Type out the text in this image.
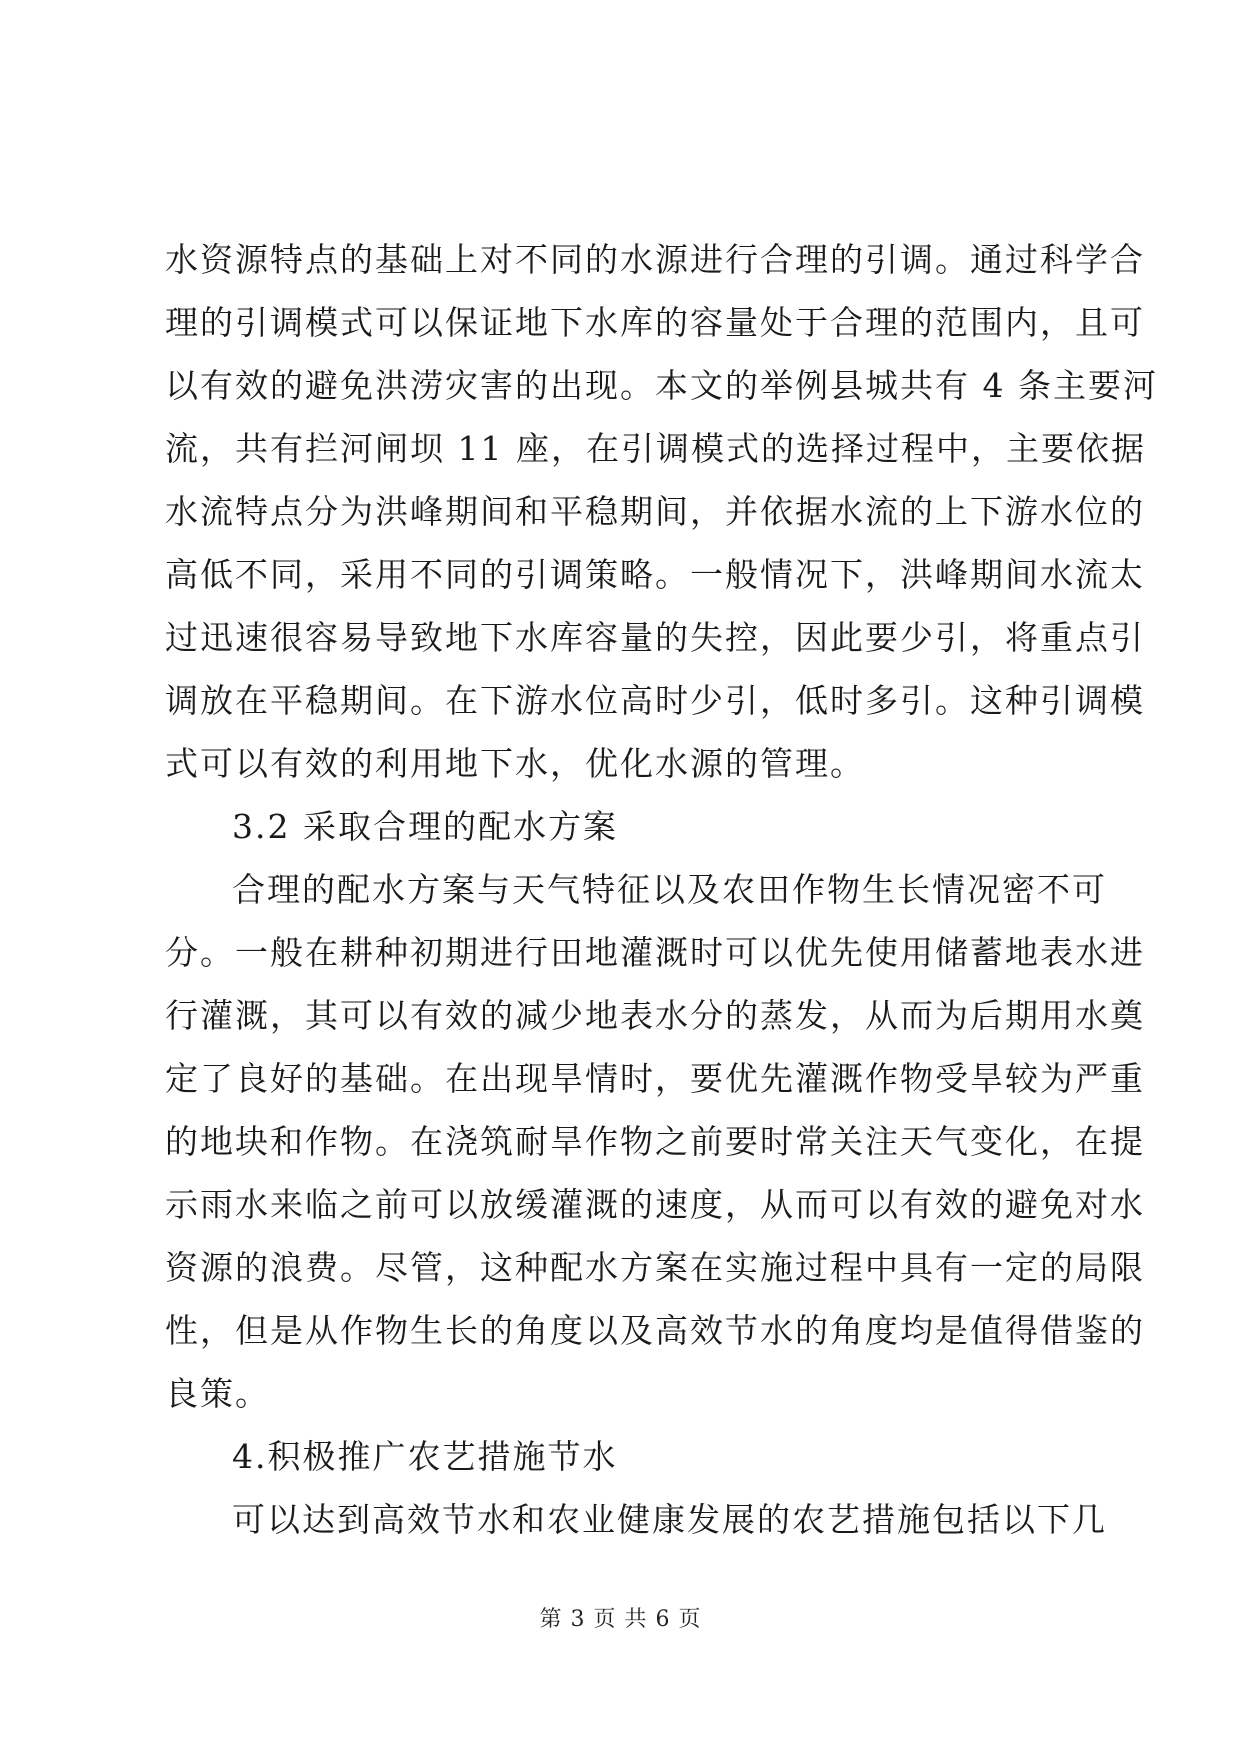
水资源特点的基础上对不同的水源进行合理的引调。通过科学合
理的引调模式可以保证地下水库的容量处于合理的范围内，且可
以有效的避免洪涝灾害的出现。本文的举例县城共有 4 条主要河
流，共有拦河闸坝 11 座，在引调模式的选择过程中，主要依据
水流特点分为洪峰期间和平稳期间，并依据水流的上下游水位的
高低不同，采用不同的引调策略。一般情况下，洪峰期间水流太
过迅速很容易导致地下水库容量的失控，因此要少引，将重点引
调放在平稳期间。在下游水位高时少引，低时多引。这种引调模
式可以有效的利用地下水，优化水源的管理。
3.2 采取合理的配水方案
合理的配水方案与天气特征以及农田作物生长情况密不可
分。一般在耕种初期进行田地灌溉时可以优先使用储蓄地表水进
行灌溉，其可以有效的减少地表水分的蒸发，从而为后期用水奠
定了良好的基础。在出现旱情时，要优先灌溉作物受旱较为严重
的地块和作物。在浇筑耐旱作物之前要时常关注天气变化，在提
示雨水来临之前可以放缓灌溉的速度，从而可以有效的避免对水
资源的浪费。尽管，这种配水方案在实施过程中具有一定的局限
性，但是从作物生长的角度以及高效节水的角度均是值得借鉴的
良策。
4.积极推广农艺措施节水
可以达到高效节水和农业健康发展的农艺措施包括以下几
第 3 页 共 6 页
